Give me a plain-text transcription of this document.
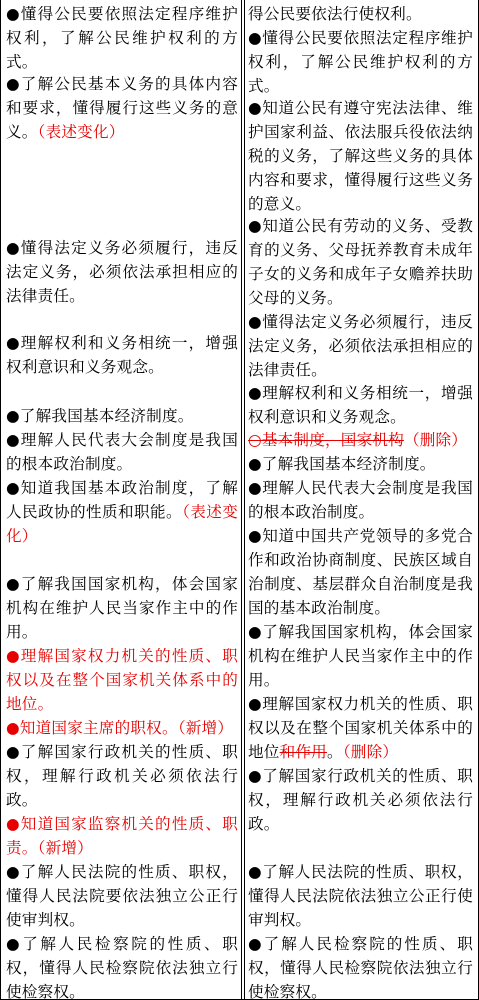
●懂得公民要依照法定程序维护权利，了解公民维护权利的方式。

●了解公民基本义务的具体内容和要求，懂得履行这些义务的意义。（表述变化）

●懂得法定义务必须履行，违反法定义务，必须依法承担相应的法律责任。

●理解权利和义务相统一，增强权利意识和义务观念。

●了解我国基本经济制度。

●理解人民代表大会制度是我国的根本政治制度。

●知道我国基本政治制度，了解人民政协的性质和职能。（表述变化）

●了解我国国家机构，体会国家机构在维护人民当家作主中的作用。

●理解国家权力机关的性质、职权以及在整个国家机关体系中的地位。

●知道国家主席的职权。（新增）

●了解国家行政机关的性质、职权，理解行政机关必须依法行政。

●知道国家监察机关的性质、职责。（新增）

●了解人民法院的性质、职权，懂得人民法院要依法独立公正行使审判权。

●了解人民检察院的性质、职权，懂得人民检察院依法独立行使检察权。

得公民要依法行使权利。

●懂得公民要依照法定程序维护权利，了解公民维护权利的方式。

●知道公民有遵守宪法法律、维护国家利益、依法服兵役依法纳税的义务，了解这些义务的具体内容和要求，懂得履行这些义务的意义。

●知道公民有劳动的义务、受教育的义务、父母抚养教育未成年子女的义务和成年子女赡养扶助父母的义务。

●懂得法定义务必须履行，违反法定义务，必须依法承担相应的法律责任。

●理解权利和义务相统一，增强权利意识和义务观念。

○基本制度，国家机构（删除）

●了解我国基本经济制度。

●理解人民代表大会制度是我国的根本政治制度。

●知道中国共产党领导的多党合作和政治协商制度、民族区域自治制度、基层群众自治制度是我国的基本政治制度。

●了解我国国家机构，体会国家机构在维护人民当家作主中的作用。

●理解国家权力机关的性质、职权以及在整个国家机关体系中的地位和作用。（删除）

●了解国家行政机关的性质、职权，理解行政机关必须依法行政。

●了解人民法院的性质、职权，懂得人民法院依法独立公正行使审判权。

●了解人民检察院的性质、职权，懂得人民检察院依法独立行使检察权。
